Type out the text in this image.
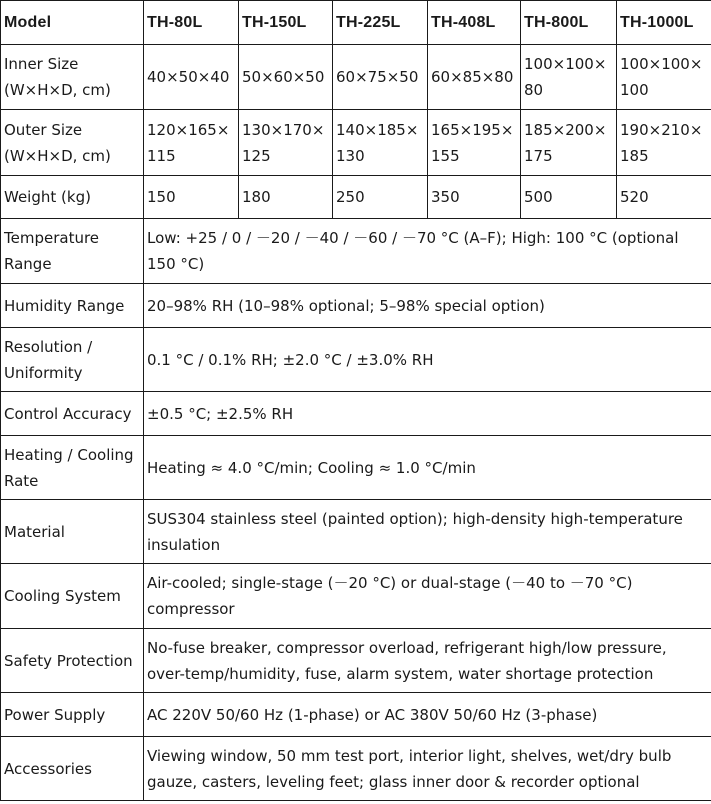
Model	TH-80L	TH-150L	TH-225L	TH-408L	TH-800L	TH-1000L
Inner Size
(W×H×D, cm)	40×50×40	50×60×50	60×75×50	60×85×80	100×100×80	100×100×100
Outer Size
(W×H×D, cm)	120×165×115	130×170×125	140×185×130	165×195×155	185×200×175	190×210×185
Weight (kg)	150	180	250	350	500	520
Temperature
Range	Low: +25 / 0 / －20 / －40 / －60 / －70 °C (A–F); High: 100 °C (optional 150 °C)					
Humidity Range	20–98% RH (10–98% optional; 5–98% special option)					
Resolution /
Uniformity	0.1 °C / 0.1% RH; ±2.0 °C / ±3.0% RH					
Control Accuracy	±0.5 °C; ±2.5% RH					
Heating / Cooling
Rate	Heating ≈ 4.0 °C/min; Cooling ≈ 1.0 °C/min					
Material	SUS304 stainless steel (painted option); high-density high-temperature insulation					
Cooling System	Air-cooled; single-stage (－20 °C) or dual-stage (－40 to －70 °C) compressor					
Safety Protection	No-fuse breaker, compressor overload, refrigerant high/low pressure, over-temp/humidity, fuse, alarm system, water shortage protection					
Power Supply	AC 220V 50/60 Hz (1-phase) or AC 380V 50/60 Hz (3-phase)					
Accessories	Viewing window, 50 mm test port, interior light, shelves, wet/dry bulb gauze, casters, leveling feet; glass inner door & recorder optional					
